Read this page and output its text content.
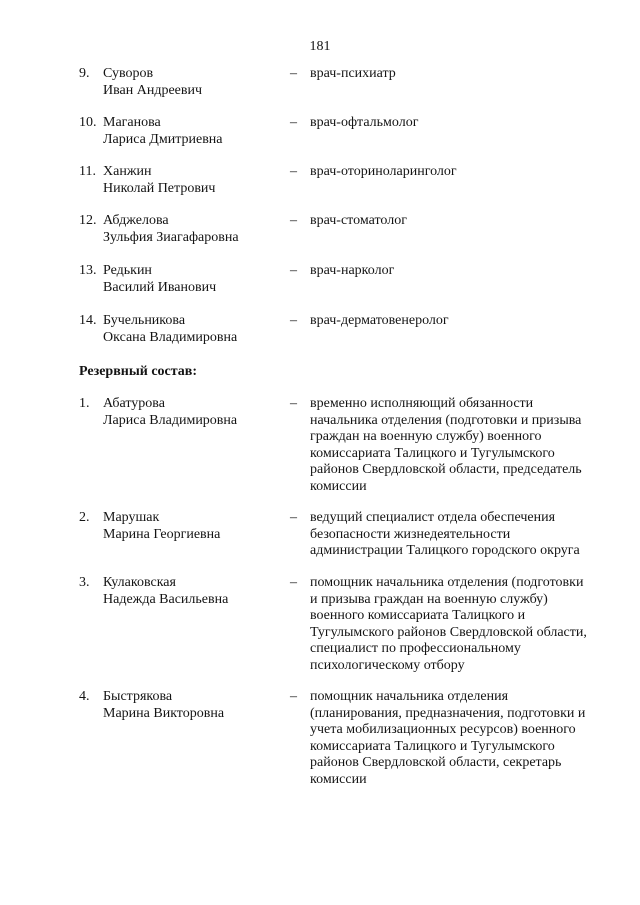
181
9. Суворов
Иван Андреевич
– врач-психиатр
10. Маганова
Лариса Дмитриевна
– врач-офтальмолог
11. Ханжин
Николай Петрович
– врач-оториноларинголог
12. Абджелова
Зульфия Зиагафаровна
– врач-стоматолог
13. Редькин
Василий Иванович
– врач-нарколог
14. Бучельникова
Оксана Владимировна
– врач-дерматовенеролог
Резервный состав:
1. Абатурова
Лариса Владимировна
– временно исполняющий обязанности
начальника отделения (подготовки и призыва
граждан на военную службу) военного
комиссариата Талицкого и Тугулымского
районов Свердловской области, председатель
комиссии
2. Марушак
Марина Георгиевна
– ведущий специалист отдела обеспечения
безопасности жизнедеятельности
администрации Талицкого городского округа
3. Кулаковская
Надежда Васильевна
– помощник начальника отделения (подготовки
и призыва граждан на военную службу)
военного комиссариата Талицкого и
Тугулымского районов Свердловской области,
специалист по профессиональному
психологическому отбору
4. Быстрякова
Марина Викторовна
– помощник начальника отделения
(планирования, предназначения, подготовки и
учета мобилизационных ресурсов) военного
комиссариата Талицкого и Тугулымского
районов Свердловской области, секретарь
комиссии
